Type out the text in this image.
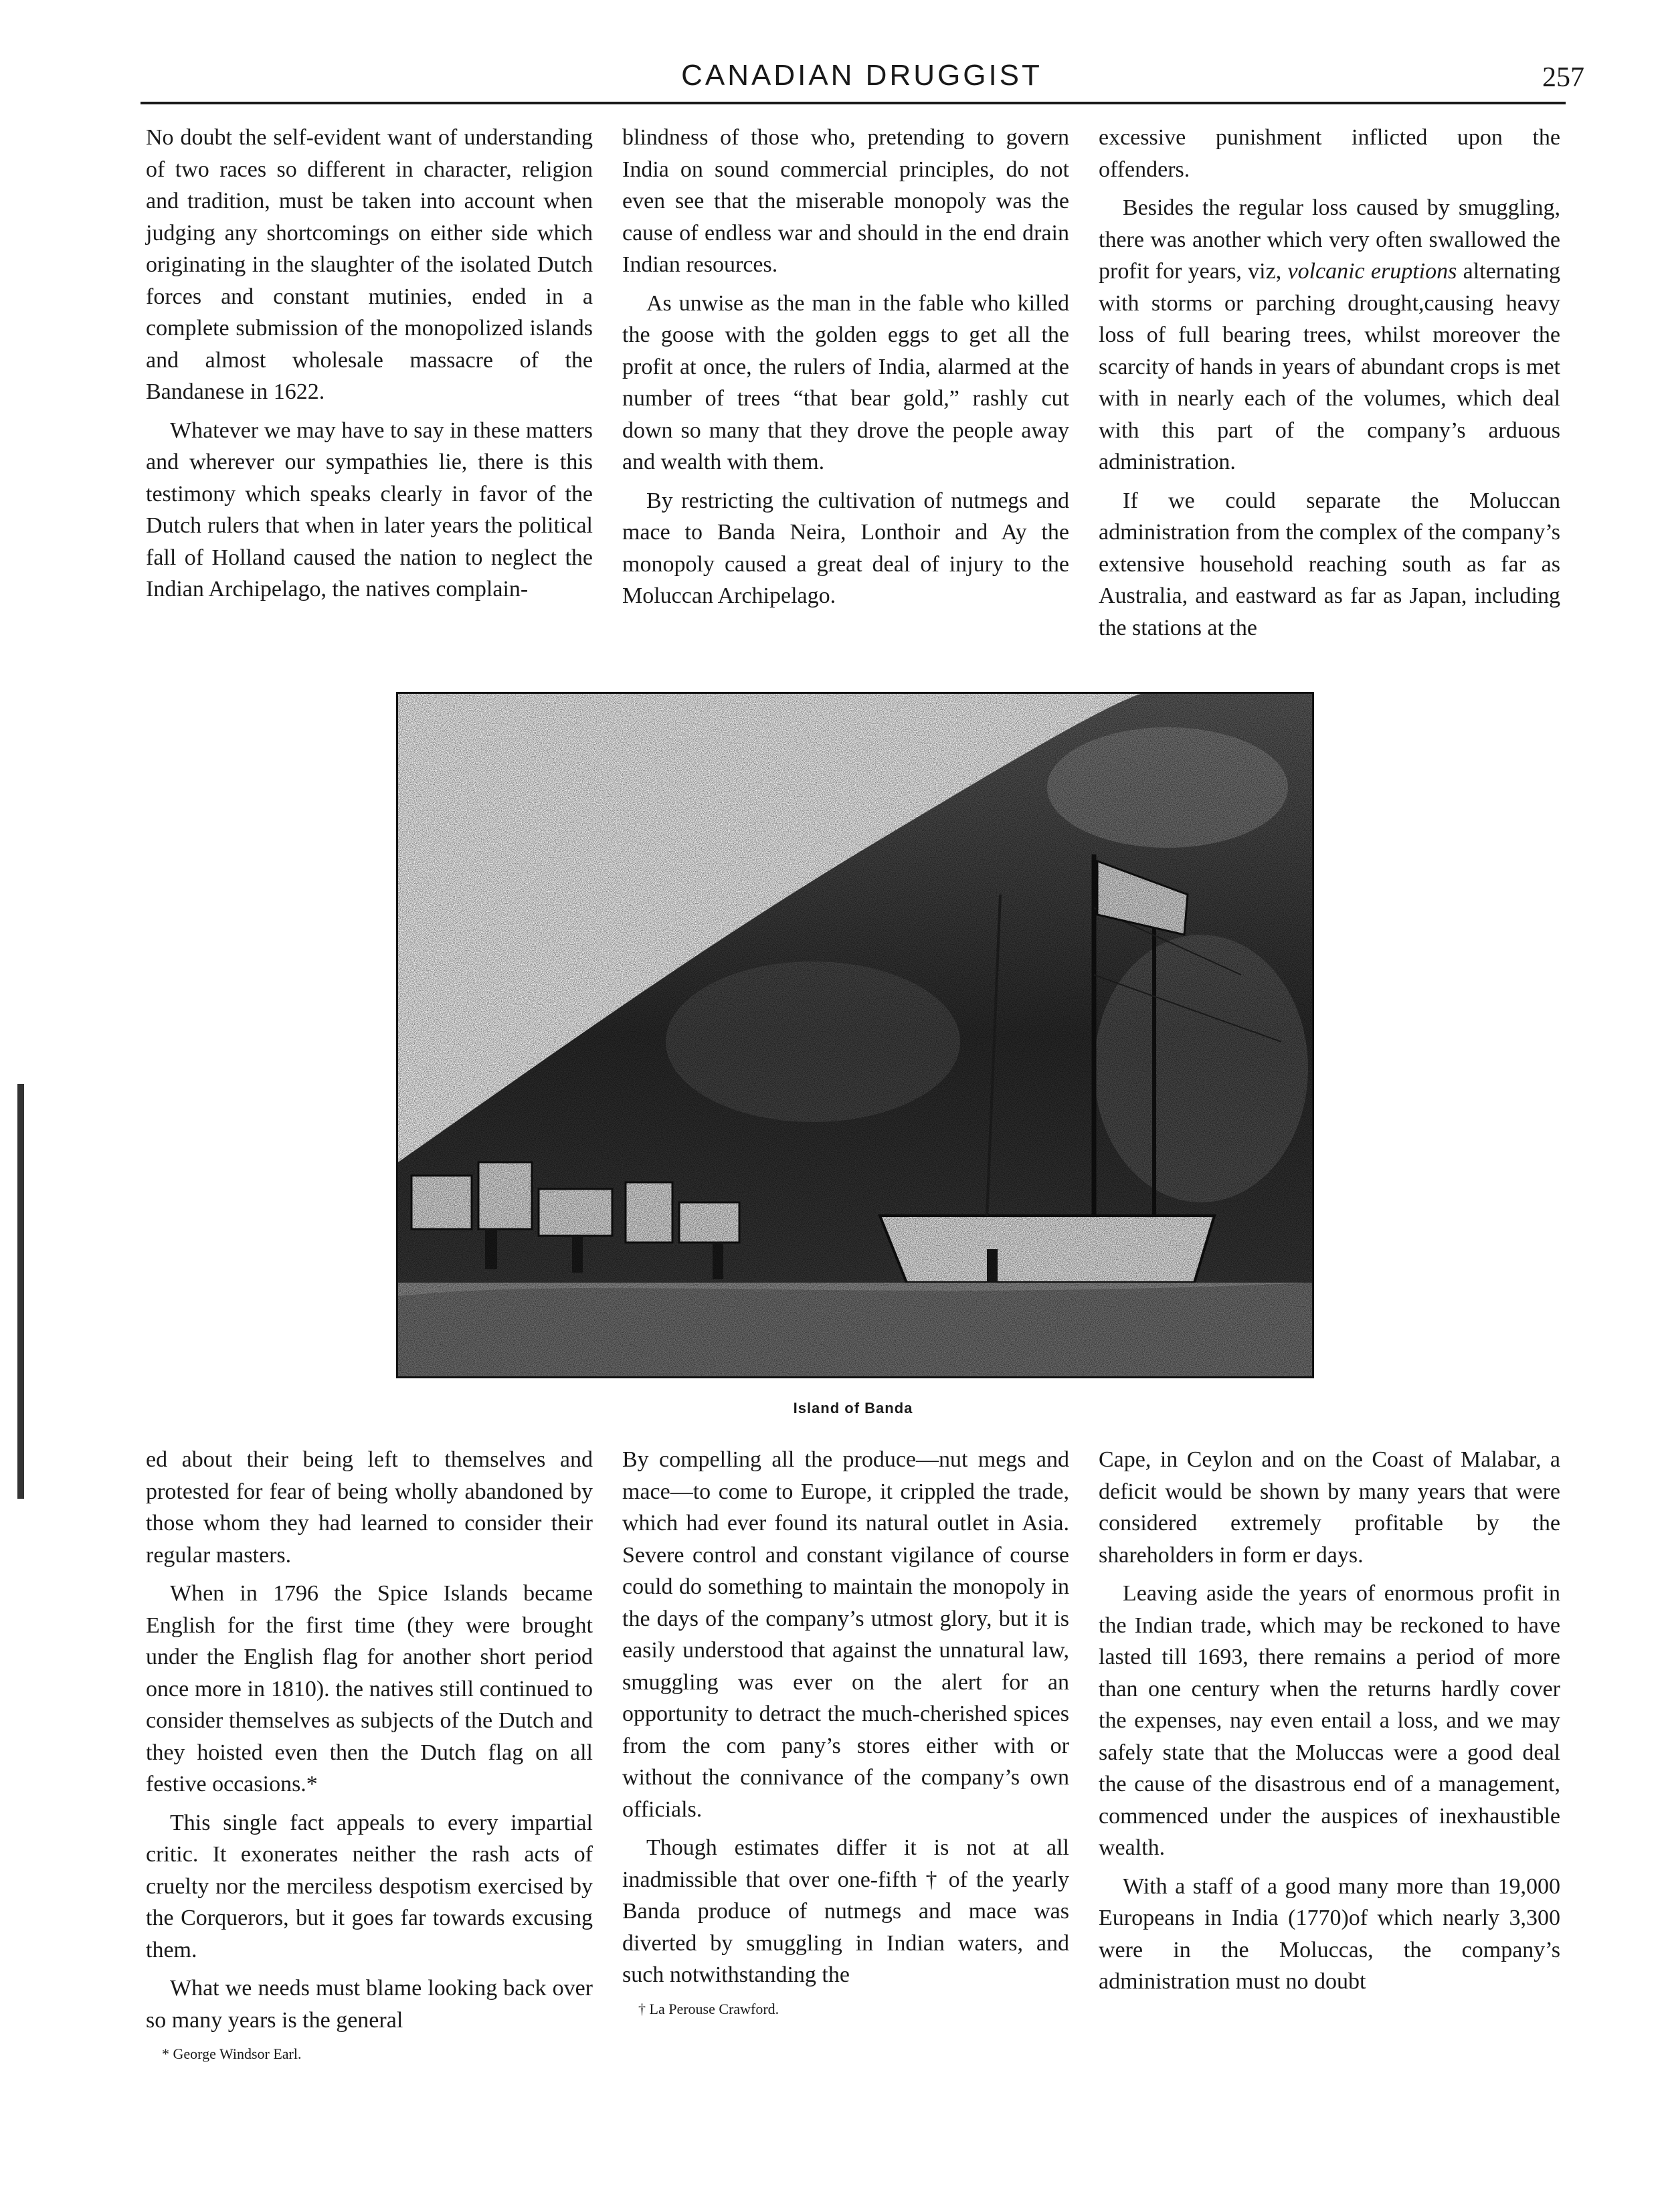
CANADIAN DRUGGIST	257

No doubt the self-evident want of understanding of two races so different in character, religion and tradition, must be taken into account when judging any shortcomings on either side which originating in the slaughter of the isolated Dutch forces and constant mutinies, ended in a complete submission of the monopolized islands and almost wholesale massacre of the Bandanese in 1622.

Whatever we may have to say in these matters and wherever our sympathies lie, there is this testimony which speaks clearly in favor of the Dutch rulers that when in later years the political fall of Holland caused the nation to neglect the Indian Archipelago, the natives complain-

blindness of those who, pretending to govern India on sound commercial principles, do not even see that the miserable monopoly was the cause of endless war and should in the end drain Indian resources.

As unwise as the man in the fable who killed the goose with the golden eggs to get all the profit at once, the rulers of India, alarmed at the number of trees “that bear gold,” rashly cut down so many that they drove the people away and wealth with them.

By restricting the cultivation of nutmegs and mace to Banda Neira, Lonthoir and Ay the monopoly caused a great deal of injury to the Moluccan Archipelago.

excessive punishment inflicted upon the offenders.

Besides the regular loss caused by smuggling, there was another which very often swallowed the profit for years, viz, volcanic eruptions alternating with storms or parching drought,causing heavy loss of full bearing trees, whilst moreover the scarcity of hands in years of abundant crops is met with in nearly each of the volumes, which deal with this part of the company’s arduous administration.

If we could separate the Moluccan administration from the complex of the company’s extensive household reaching south as far as Australia, and eastward as far as Japan, including the stations at the

Island of Banda

ed about their being left to themselves and protested for fear of being wholly abandoned by those whom they had learned to consider their regular masters.

When in 1796 the Spice Islands became English for the first time (they were brought under the English flag for another short period once more in 1810). the natives still continued to consider themselves as subjects of the Dutch and they hoisted even then the Dutch flag on all festive occasions.*

This single fact appeals to every impartial critic. It exonerates neither the rash acts of cruelty nor the merciless despotism exercised by the Corquerors, but it goes far towards excusing them.

What we needs must blame looking back over so many years is the general

* George Windsor Earl.

By compelling all the produce—nut megs and mace—to come to Europe, it crippled the trade, which had ever found its natural outlet in Asia. Severe control and constant vigilance of course could do something to maintain the monopoly in the days of the company’s utmost glory, but it is easily understood that against the unnatural law, smuggling was ever on the alert for an opportunity to detract the much-cherished spices from the com pany’s stores either with or without the connivance of the company’s own officials.

Though estimates differ it is not at all inadmissible that over one-fifth † of the yearly Banda produce of nutmegs and mace was diverted by smuggling in Indian waters, and such notwithstanding the

† La Perouse Crawford.

Cape, in Ceylon and on the Coast of Malabar, a deficit would be shown by many years that were considered extremely profitable by the shareholders in form er days.

Leaving aside the years of enormous profit in the Indian trade, which may be reckoned to have lasted till 1693, there remains a period of more than one century when the returns hardly cover the expenses, nay even entail a loss, and we may safely state that the Moluccas were a good deal the cause of the disastrous end of a management, commenced under the auspices of inexhaustible wealth.

With a staff of a good many more than 19,000 Europeans in India (1770)of which nearly 3,300 were in the Moluccas, the company’s administration must no doubt
